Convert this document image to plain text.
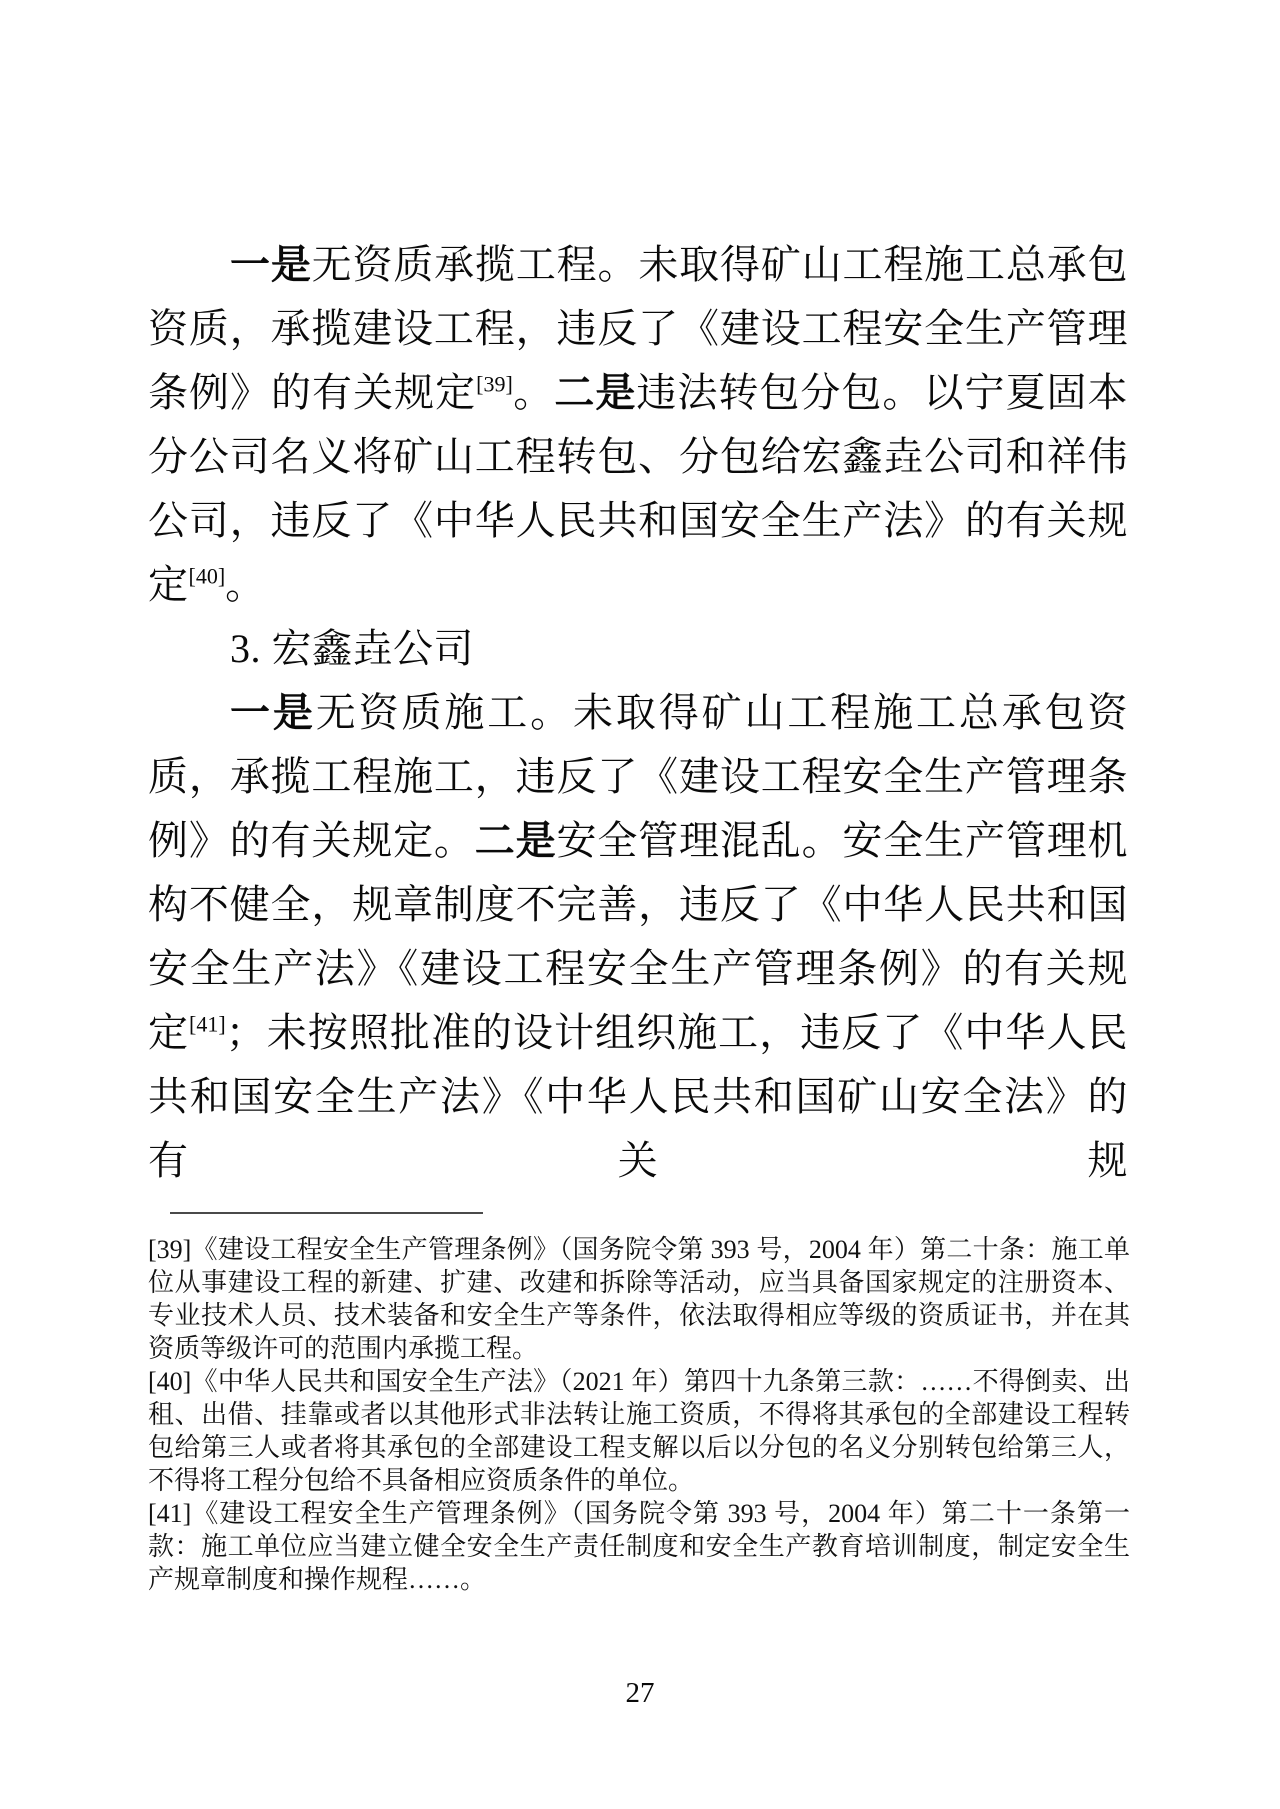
一是无资质承揽工程。未取得矿山工程施工总承包资质，承揽建设工程，违反了《建设工程安全生产管理条例》的有关规定[39]。二是违法转包分包。以宁夏固本分公司名义将矿山工程转包、分包给宏鑫垚公司和祥伟公司，违反了《中华人民共和国安全生产法》的有关规定[40]。

3. 宏鑫垚公司

一是无资质施工。未取得矿山工程施工总承包资质，承揽工程施工，违反了《建设工程安全生产管理条例》的有关规定。二是安全管理混乱。安全生产管理机构不健全，规章制度不完善，违反了《中华人民共和国安全生产法》《建设工程安全生产管理条例》的有关规定[41]；未按照批准的设计组织施工，违反了《中华人民共和国安全生产法》《中华人民共和国矿山安全法》的有关规

[39]《建设工程安全生产管理条例》（国务院令第 393 号，2004 年）第二十条：施工单位从事建设工程的新建、扩建、改建和拆除等活动，应当具备国家规定的注册资本、专业技术人员、技术装备和安全生产等条件，依法取得相应等级的资质证书，并在其资质等级许可的范围内承揽工程。

[40]《中华人民共和国安全生产法》（2021 年）第四十九条第三款：……不得倒卖、出租、出借、挂靠或者以其他形式非法转让施工资质，不得将其承包的全部建设工程转包给第三人或者将其承包的全部建设工程支解以后以分包的名义分别转包给第三人，不得将工程分包给不具备相应资质条件的单位。

[41]《建设工程安全生产管理条例》（国务院令第 393 号，2004 年）第二十一条第一款：施工单位应当建立健全安全生产责任制度和安全生产教育培训制度，制定安全生产规章制度和操作规程……。

27
